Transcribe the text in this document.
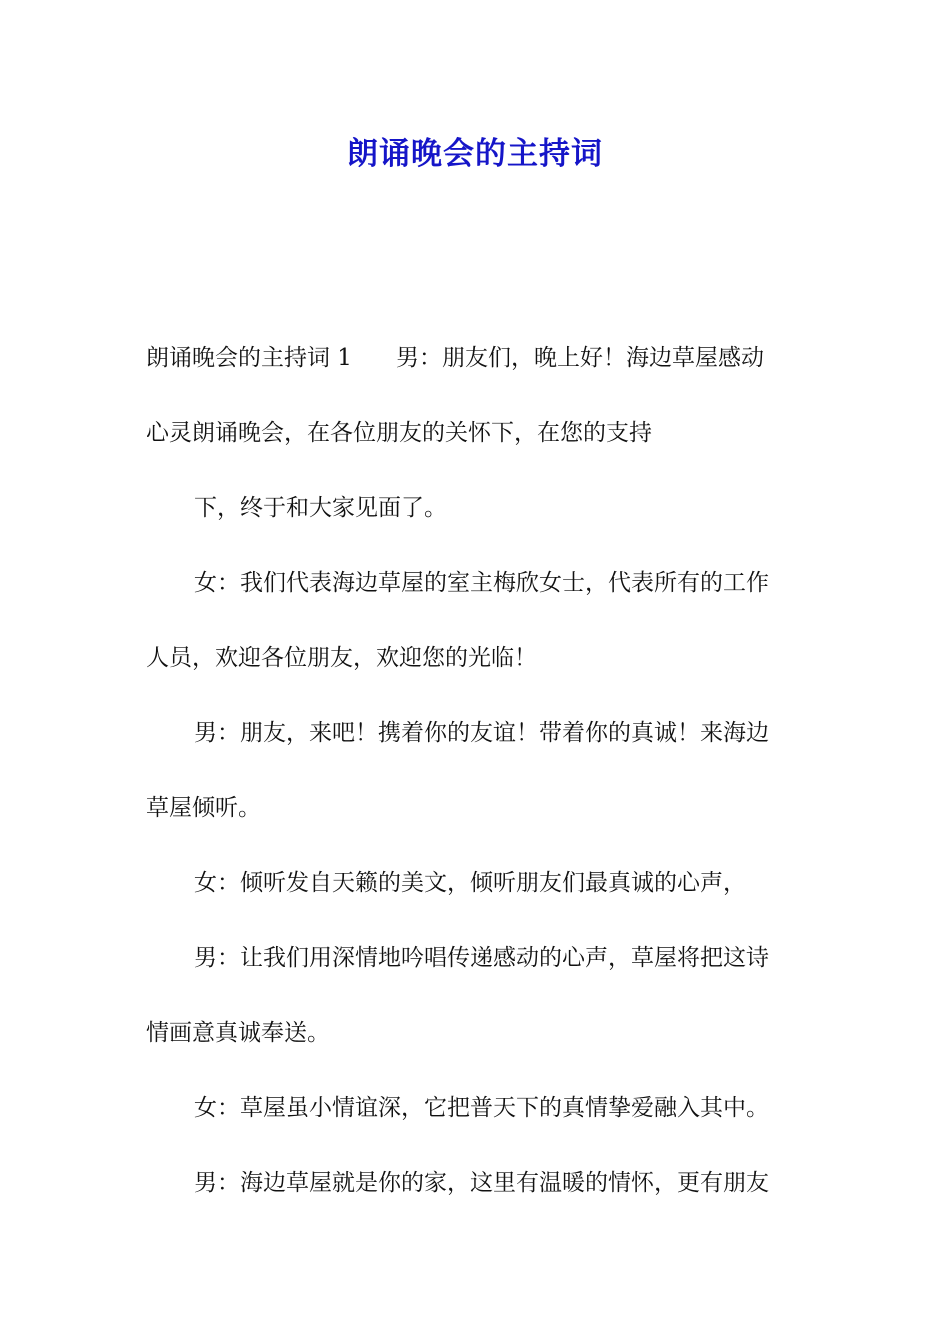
朗诵晚会的主持词
朗诵晚会的主持词 1 男：朋友们，晚上好！海边草屋感动
心灵朗诵晚会，在各位朋友的关怀下，在您的支持
下，终于和大家见面了。
女：我们代表海边草屋的室主梅欣女士，代表所有的工作
人员，欢迎各位朋友，欢迎您的光临！
男：朋友，来吧！携着你的友谊！带着你的真诚！来海边
草屋倾听。
女：倾听发自天籁的美文，倾听朋友们最真诚的心声，
男：让我们用深情地吟唱传递感动的心声，草屋将把这诗
情画意真诚奉送。
女：草屋虽小情谊深，它把普天下的真情挚爱融入其中。
男：海边草屋就是你的家，这里有温暖的情怀，更有朋友
